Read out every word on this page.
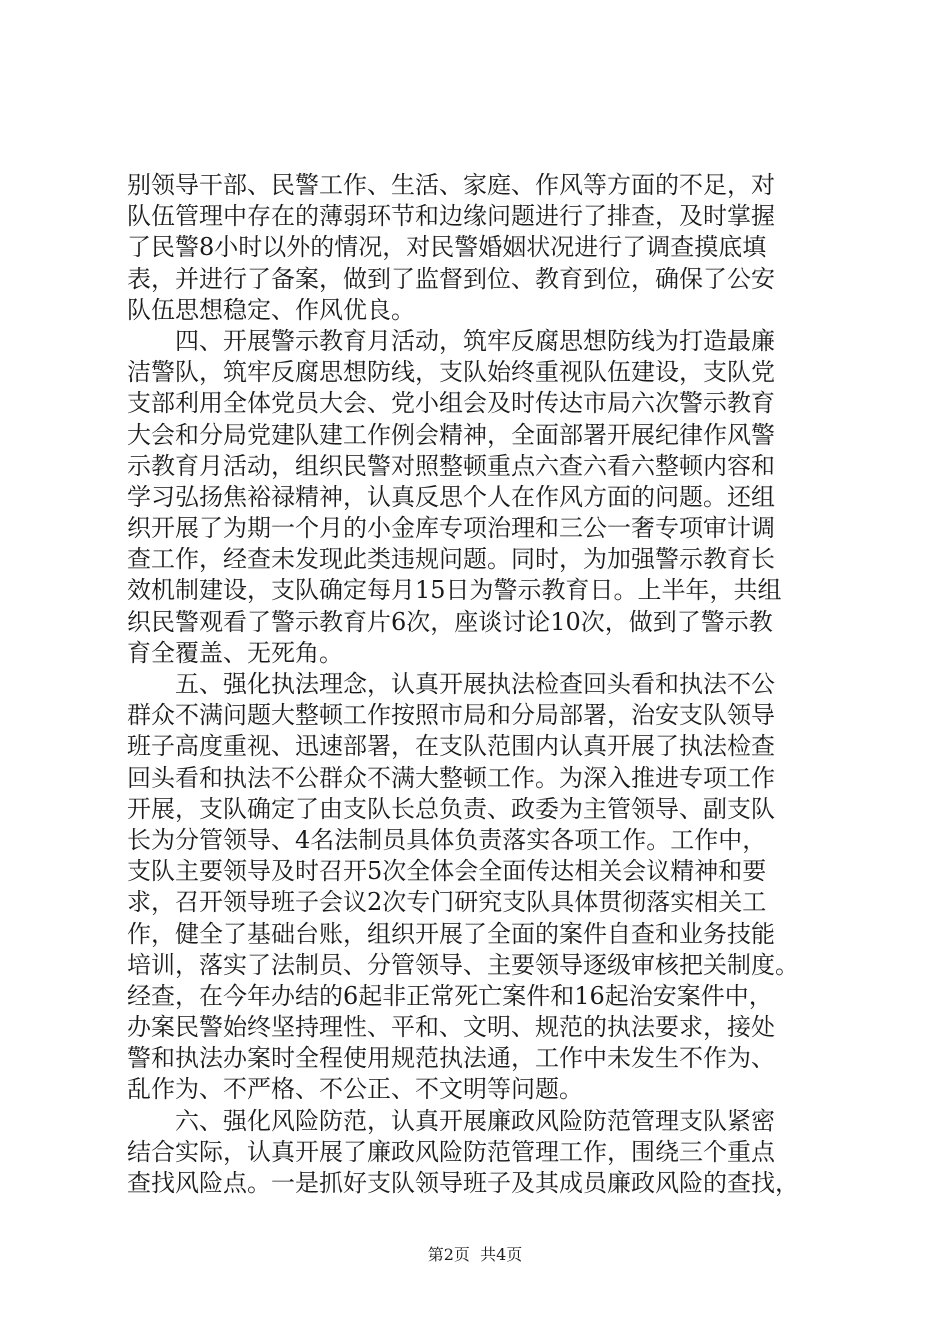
别领导干部、民警工作、生活、家庭、作风等方面的不足，对
队伍管理中存在的薄弱环节和边缘问题进行了排查，及时掌握
了民警8小时以外的情况，对民警婚姻状况进行了调查摸底填
表，并进行了备案，做到了监督到位、教育到位，确保了公安
队伍思想稳定、作风优良。
四、开展警示教育月活动，筑牢反腐思想防线为打造最廉
洁警队，筑牢反腐思想防线，支队始终重视队伍建设，支队党
支部利用全体党员大会、党小组会及时传达市局六次警示教育
大会和分局党建队建工作例会精神，全面部署开展纪律作风警
示教育月活动，组织民警对照整顿重点六查六看六整顿内容和
学习弘扬焦裕禄精神，认真反思个人在作风方面的问题。还组
织开展了为期一个月的小金库专项治理和三公一奢专项审计调
查工作，经查未发现此类违规问题。同时，为加强警示教育长
效机制建设，支队确定每月15日为警示教育日。上半年，共组
织民警观看了警示教育片6次，座谈讨论10次，做到了警示教
育全覆盖、无死角。
五、强化执法理念，认真开展执法检查回头看和执法不公
群众不满问题大整顿工作按照市局和分局部署，治安支队领导
班子高度重视、迅速部署，在支队范围内认真开展了执法检查
回头看和执法不公群众不满大整顿工作。为深入推进专项工作
开展，支队确定了由支队长总负责、政委为主管领导、副支队
长为分管领导、4名法制员具体负责落实各项工作。工作中，
支队主要领导及时召开5次全体会全面传达相关会议精神和要
求，召开领导班子会议2次专门研究支队具体贯彻落实相关工
作，健全了基础台账，组织开展了全面的案件自查和业务技能
培训，落实了法制员、分管领导、主要领导逐级审核把关制度。
经查，在今年办结的6起非正常死亡案件和16起治安案件中，
办案民警始终坚持理性、平和、文明、规范的执法要求，接处
警和执法办案时全程使用规范执法通，工作中未发生不作为、
乱作为、不严格、不公正、不文明等问题。
六、强化风险防范，认真开展廉政风险防范管理支队紧密
结合实际，认真开展了廉政风险防范管理工作，围绕三个重点
查找风险点。一是抓好支队领导班子及其成员廉政风险的查找，
第2页  共4页
